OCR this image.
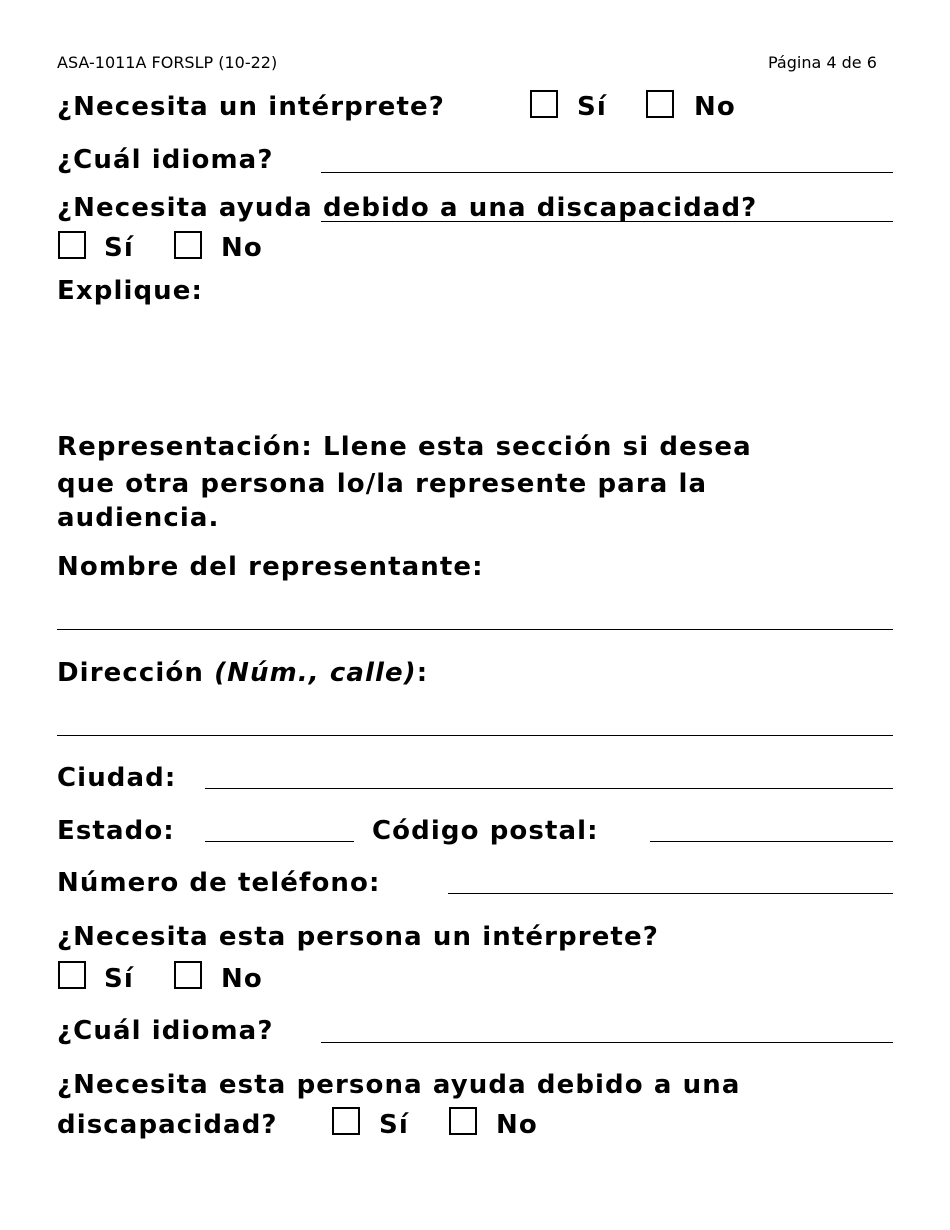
ASA-1011A FORSLP (10-22)	Página 4 de 6
¿Necesita un intérprete?	Sí	No
¿Cuál idioma?
¿Necesita ayuda debido a una discapacidad?
Sí	No
Explique:
Representación: Llene esta sección si desea
que otra persona lo/la represente para la
audiencia.
Nombre del representante:
Dirección (Núm., calle):
Ciudad:
Estado:	Código postal:
Número de teléfono:
¿Necesita esta persona un intérprete?
Sí	No
¿Cuál idioma?
¿Necesita esta persona ayuda debido a una
discapacidad?	Sí	No
